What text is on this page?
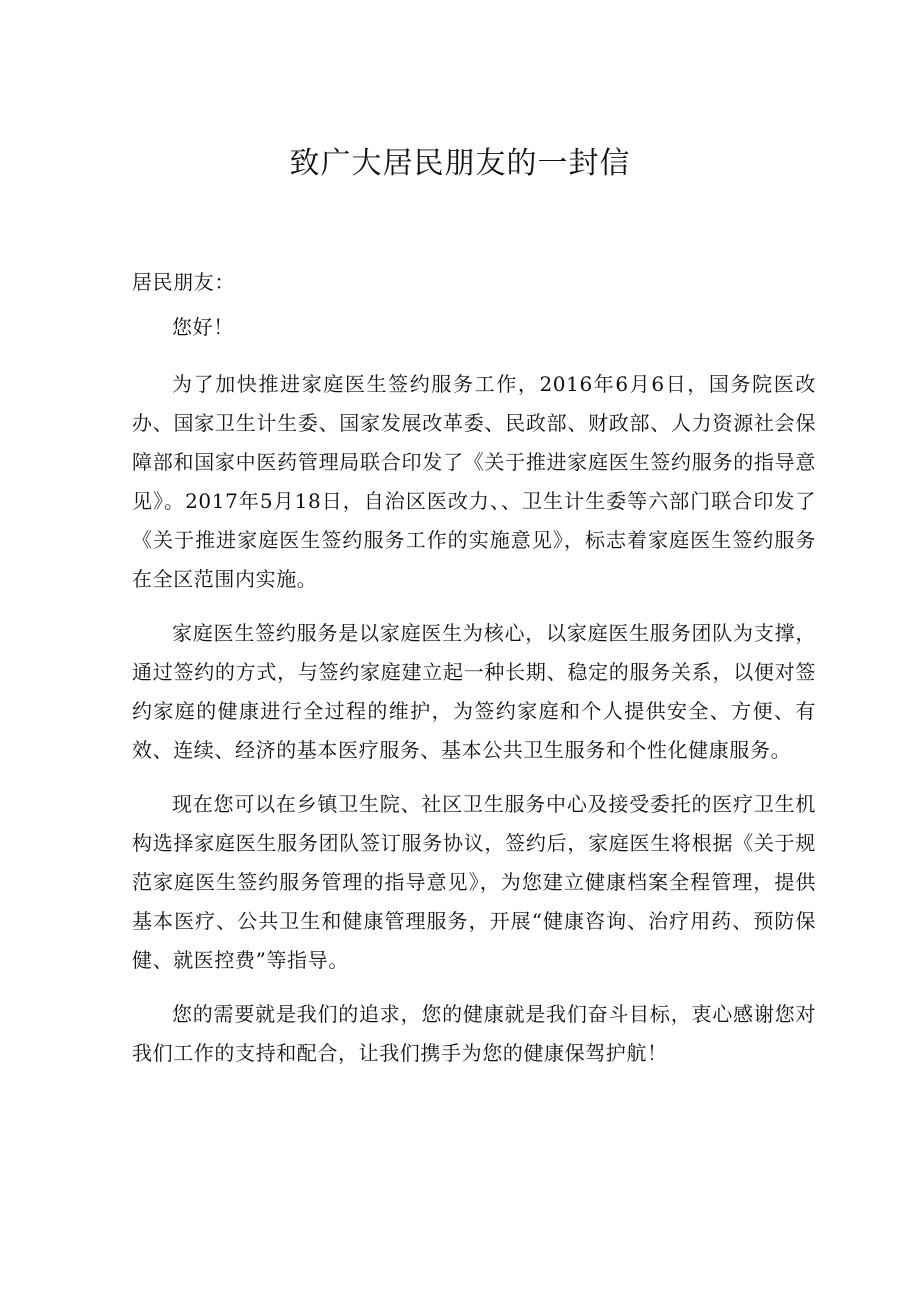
致广大居民朋友的一封信

居民朋友：

您好！

为了加快推进家庭医生签约服务工作，2016年6月6日，国务院医改办、国家卫生计生委、国家发展改革委、民政部、财政部、人力资源社会保障部和国家中医药管理局联合印发了《关于推进家庭医生签约服务的指导意见》。2017年5月18日，自治区医改力、、卫生计生委等六部门联合印发了《关于推进家庭医生签约服务工作的实施意见》，标志着家庭医生签约服务在全区范围内实施。

家庭医生签约服务是以家庭医生为核心，以家庭医生服务团队为支撑，通过签约的方式，与签约家庭建立起一种长期、稳定的服务关系，以便对签约家庭的健康进行全过程的维护，为签约家庭和个人提供安全、方便、有效、连续、经济的基本医疗服务、基本公共卫生服务和个性化健康服务。

现在您可以在乡镇卫生院、社区卫生服务中心及接受委托的医疗卫生机构选择家庭医生服务团队签订服务协议，签约后，家庭医生将根据《关于规范家庭医生签约服务管理的指导意见》，为您建立健康档案全程管理，提供基本医疗、公共卫生和健康管理服务，开展“健康咨询、治疗用药、预防保健、就医控费”等指导。

您的需要就是我们的追求，您的健康就是我们奋斗目标，衷心感谢您对我们工作的支持和配合，让我们携手为您的健康保驾护航！
